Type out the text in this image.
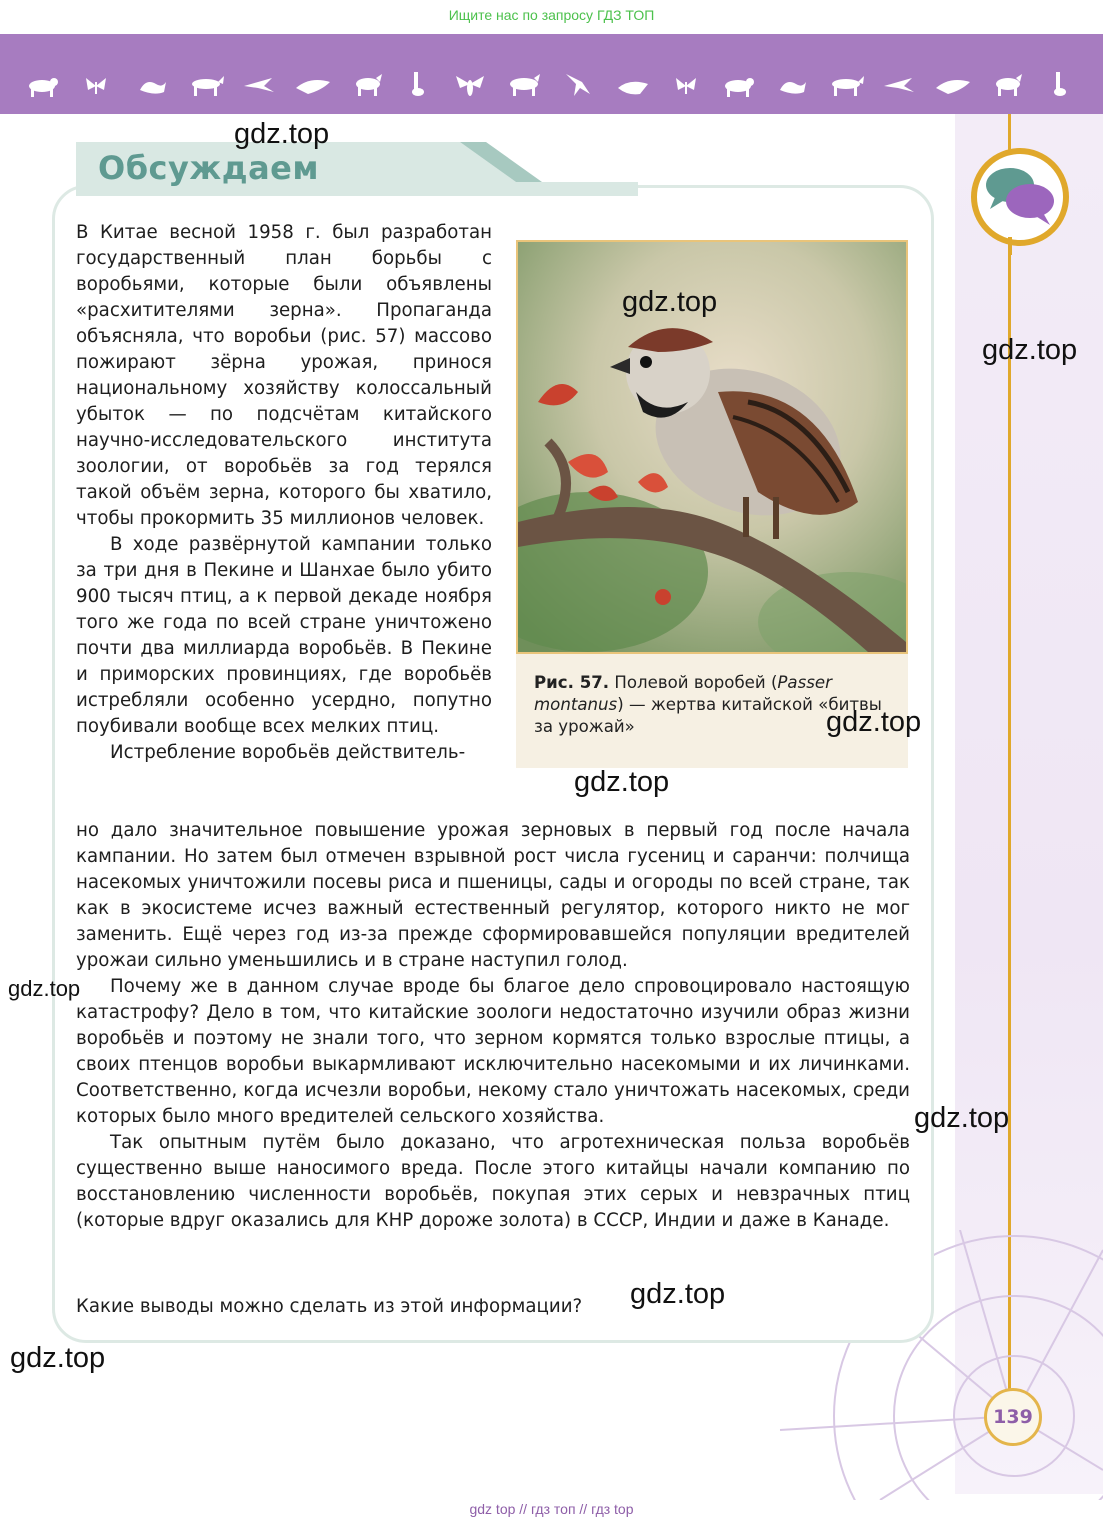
Ищите нас по запросу ГДЗ ТОП
Обсуждаем

В Китае весной 1958 г. был разработан государственный план борьбы с воробьями, которые были объявлены «расхитителями зерна». Пропаганда объясняла, что воробьи (рис. 57) массово пожирают зёрна урожая, принося национальному хозяйству колоссальный убыток — по подсчётам китайского научно-исследовательского института зоологии, от воробьёв за год терялся такой объём зерна, которого бы хватило, чтобы прокормить 35 миллионов человек.

В ходе развёрнутой кампании только за три дня в Пекине и Шанхае было убито 900 тысяч птиц, а к первой декаде ноября того же года по всей стране уничтожено почти два миллиарда воробьёв. В Пекине и приморских провинциях, где воробьёв истребляли особенно усердно, попутно поубивали вообще всех мелких птиц.

Истребление воробьёв действитель-

Рис. 57. Полевой воробей (Passer montanus) — жертва китайской «битвы за урожай»

но дало значительное повышение урожая зерновых в первый год после начала кампании. Но затем был отмечен взрывной рост числа гусениц и саранчи: полчища насекомых уничтожили посевы риса и пшеницы, сады и огороды по всей стране, так как в экосистеме исчез важный естественный регулятор, которого никто не мог заменить. Ещё через год из-за прежде сформировавшейся популяции вредителей урожаи сильно уменьшились и в стране наступил голод.

Почему же в данном случае вроде бы благое дело спровоцировало настоящую катастрофу? Дело в том, что китайские зоологи недостаточно изучили образ жизни воробьёв и поэтому не знали того, что зерном кормятся только взрослые птицы, а своих птенцов воробьи выкармливают исключительно насекомыми и их личинками. Соответственно, когда исчезли воробьи, некому стало уничтожать насекомых, среди которых было много вредителей сельского хозяйства.

Так опытным путём было доказано, что агротехническая польза воробьёв существенно выше наносимого вреда. После этого китайцы начали компанию по восстановлению численности воробьёв, покупая этих серых и невзрачных птиц (которые вдруг оказались для КНР дороже золота) в СССР, Индии и даже в Канаде.

Какие выводы можно сделать из этой информации?
139
gdz.top
gdz.top
gdz.top
gdz.top
gdz.top
gdz.top
gdz.top
gdz.top
gdz.top
gdz top // гдз топ // гдз top
